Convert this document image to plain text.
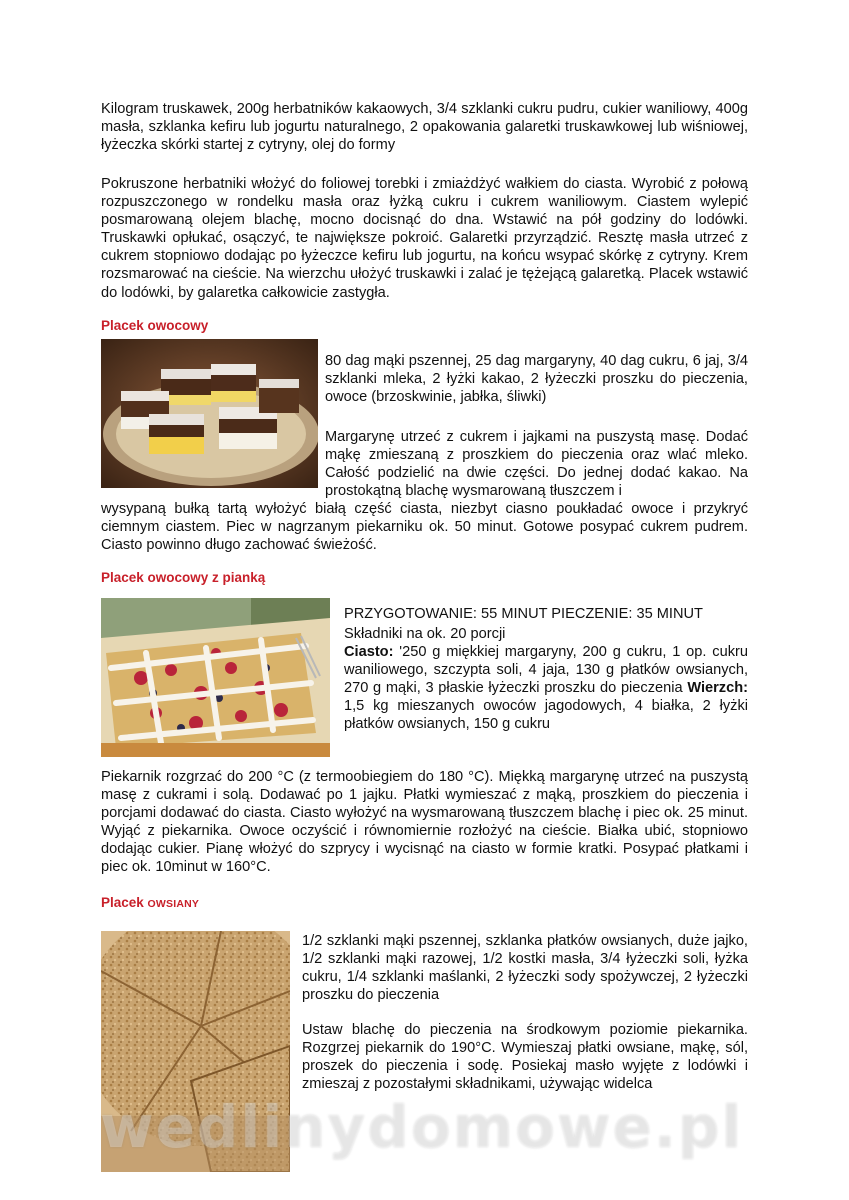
Kilogram truskawek, 200g herbatników kakaowych, 3/4 szklanki cukru pudru, cukier waniliowy, 400g masła, szklanka kefiru lub jogurtu naturalnego, 2 opakowania galaretki truskawkowej lub wiśniowej, łyżeczka skórki startej z cytryny, olej do formy

Pokruszone herbatniki włożyć do foliowej torebki i zmiażdżyć wałkiem do ciasta. Wyrobić z połową rozpuszczonego w rondelku masła oraz łyżką cukru i cukrem waniliowym. Ciastem wylepić posmarowaną olejem blachę, mocno docisnąć do dna. Wstawić na pół godziny do lodówki. Truskawki opłukać, osączyć, te największe pokroić. Galaretki przyrządzić. Resztę masła utrzeć z cukrem stopniowo dodając po łyżeczce kefiru lub jogurtu, na końcu wsypać skórkę z cytryny. Krem rozsmarować na cieście. Na wierzchu ułożyć truskawki i zalać je tężejącą galaretką. Placek wstawić do lodówki, by galaretka całkowicie zastygła.

Placek owocowy

80 dag mąki pszennej, 25 dag margaryny, 40 dag cukru, 6 jaj, 3/4 szklanki mleka, 2 łyżki kakao, 2 łyżeczki proszku do pieczenia, owoce (brzoskwinie, jabłka, śliwki)

Margarynę utrzeć z cukrem i jajkami na puszystą masę. Dodać mąkę zmieszaną z proszkiem do pieczenia oraz wlać mleko. Całość podzielić na dwie części. Do jednej dodać kakao. Na prostokątną blachę wysmarowaną tłuszczem i

wysypaną bułką tartą wyłożyć białą część ciasta, niezbyt ciasno poukładać owoce i przykryć ciemnym ciastem. Piec w nagrzanym piekarniku ok. 50 minut. Gotowe posypać cukrem pudrem. Ciasto powinno długo zachować świeżość.

Placek owocowy z pianką

PRZYGOTOWANIE: 55 MINUT PIECZENIE: 35 MINUT

Składniki na ok. 20 porcji

Ciasto: '250 g miękkiej margaryny, 200 g cukru, 1 op. cukru waniliowego, szczypta soli, 4 jaja, 130 g płatków owsianych, 270 g mąki, 3 płaskie łyżeczki proszku do pieczenia Wierzch: 1,5 kg mieszanych owoców jagodowych, 4 białka, 2 łyżki płatków owsianych, 150 g cukru

Piekarnik rozgrzać do 200 °C (z termoobiegiem do 180 °C). Miękką margarynę utrzeć na puszystą masę z cukrami i solą. Dodawać po 1 jajku. Płatki wymieszać z mąką, proszkiem do pieczenia i porcjami dodawać do ciasta. Ciasto wyłożyć na wysmarowaną tłuszczem blachę i piec ok. 25 minut. Wyjąć z piekarnika. Owoce oczyścić i równomiernie rozłożyć na cieście. Białka ubić, stopniowo dodając cukier. Pianę włożyć do szprycy i wycisnąć na ciasto w formie kratki. Posypać płatkami i piec ok. 10minut w 160°C.

Placek OWSIANY

1/2 szklanki mąki pszennej, szklanka płatków owsianych, duże jajko, 1/2 szklanki mąki razowej, 1/2 kostki masła, 3/4 łyżeczki soli, łyżka cukru, 1/4 szklanki maślanki, 2 łyżeczki sody spożywczej, 2 łyżeczki proszku do pieczenia

Ustaw blachę do pieczenia na środkowym poziomie piekarnika. Rozgrzej piekarnik do 190°C. Wymieszaj płatki owsiane, mąkę, sól, proszek do pieczenia i sodę. Posiekaj masło wyjęte z lodówki i zmieszaj z pozostałymi składnikami, używając widelca

wedlinydomowe.pl
